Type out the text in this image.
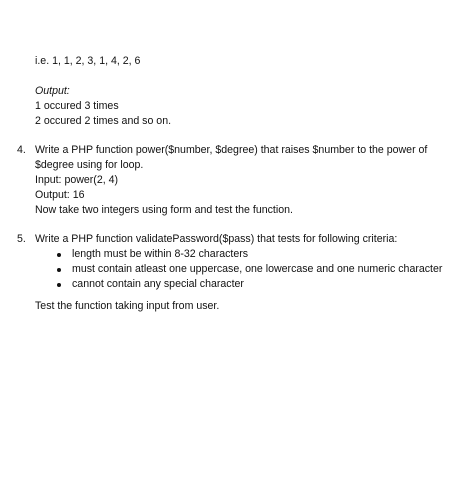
i.e. 1, 1, 2, 3, 1, 4, 2, 6
Output:
1 occured 3 times
2 occured 2 times and so on.
4. Write a PHP function power($number, $degree) that raises $number to the power of
$degree using for loop.
Input: power(2, 4)
Output: 16
Now take two integers using form and test the function.
5. Write a PHP function validatePassword($pass) that tests for following criteria:
length must be within 8-32 characters
must contain atleast one uppercase, one lowercase and one numeric character
cannot contain any special character
Test the function taking input from user.
